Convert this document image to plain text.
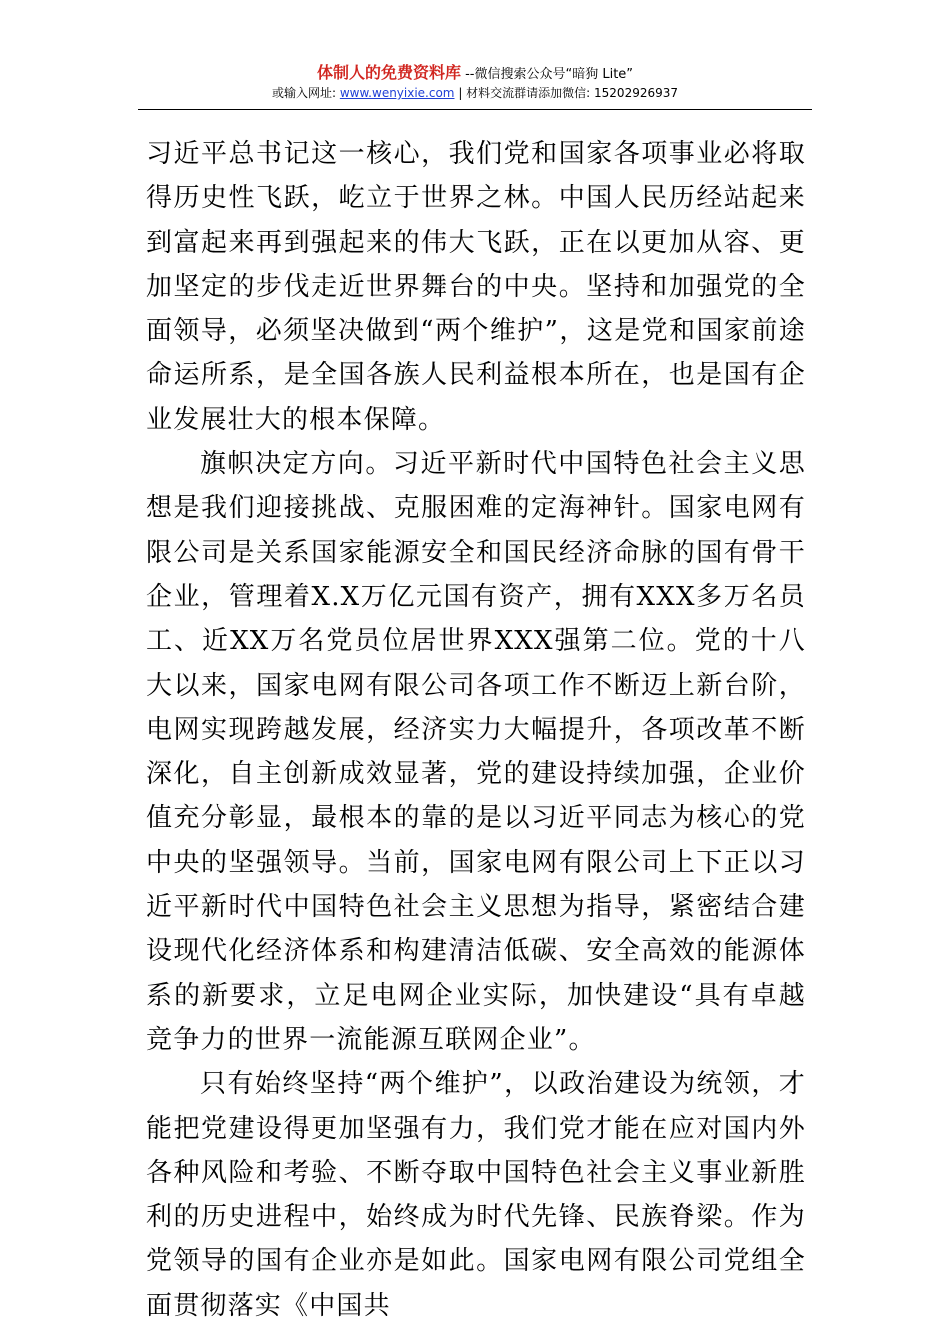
体制人的免费资料库 --微信搜索公众号“暗狗 Lite”
或输入网址: www.wenyixie.com | 材料交流群请添加微信: 15202926937

习近平总书记这一核心，我们党和国家各项事业必将取得历史性飞跃，屹立于世界之林。中国人民历经站起来到富起来再到强起来的伟大飞跃，正在以更加从容、更加坚定的步伐走近世界舞台的中央。坚持和加强党的全面领导，必须坚决做到“两个维护”，这是党和国家前途命运所系，是全国各族人民利益根本所在，也是国有企业发展壮大的根本保障。

旗帜决定方向。习近平新时代中国特色社会主义思想是我们迎接挑战、克服困难的定海神针。国家电网有限公司是关系国家能源安全和国民经济命脉的国有骨干企业，管理着X.X万亿元国有资产，拥有XXX多万名员工、近XX万名党员位居世界XXX强第二位。党的十八大以来，国家电网有限公司各项工作不断迈上新台阶，电网实现跨越发展，经济实力大幅提升，各项改革不断深化，自主创新成效显著，党的建设持续加强，企业价值充分彰显，最根本的靠的是以习近平同志为核心的党中央的坚强领导。当前，国家电网有限公司上下正以习近平新时代中国特色社会主义思想为指导，紧密结合建设现代化经济体系和构建清洁低碳、安全高效的能源体系的新要求，立足电网企业实际，加快建设“具有卓越竞争力的世界一流能源互联网企业”。

只有始终坚持“两个维护”，以政治建设为统领，才能把党建设得更加坚强有力，我们党才能在应对国内外各种风险和考验、不断夺取中国特色社会主义事业新胜利的历史进程中，始终成为时代先锋、民族脊梁。作为党领导的国有企业亦是如此。国家电网有限公司党组全面贯彻落实《中国共
